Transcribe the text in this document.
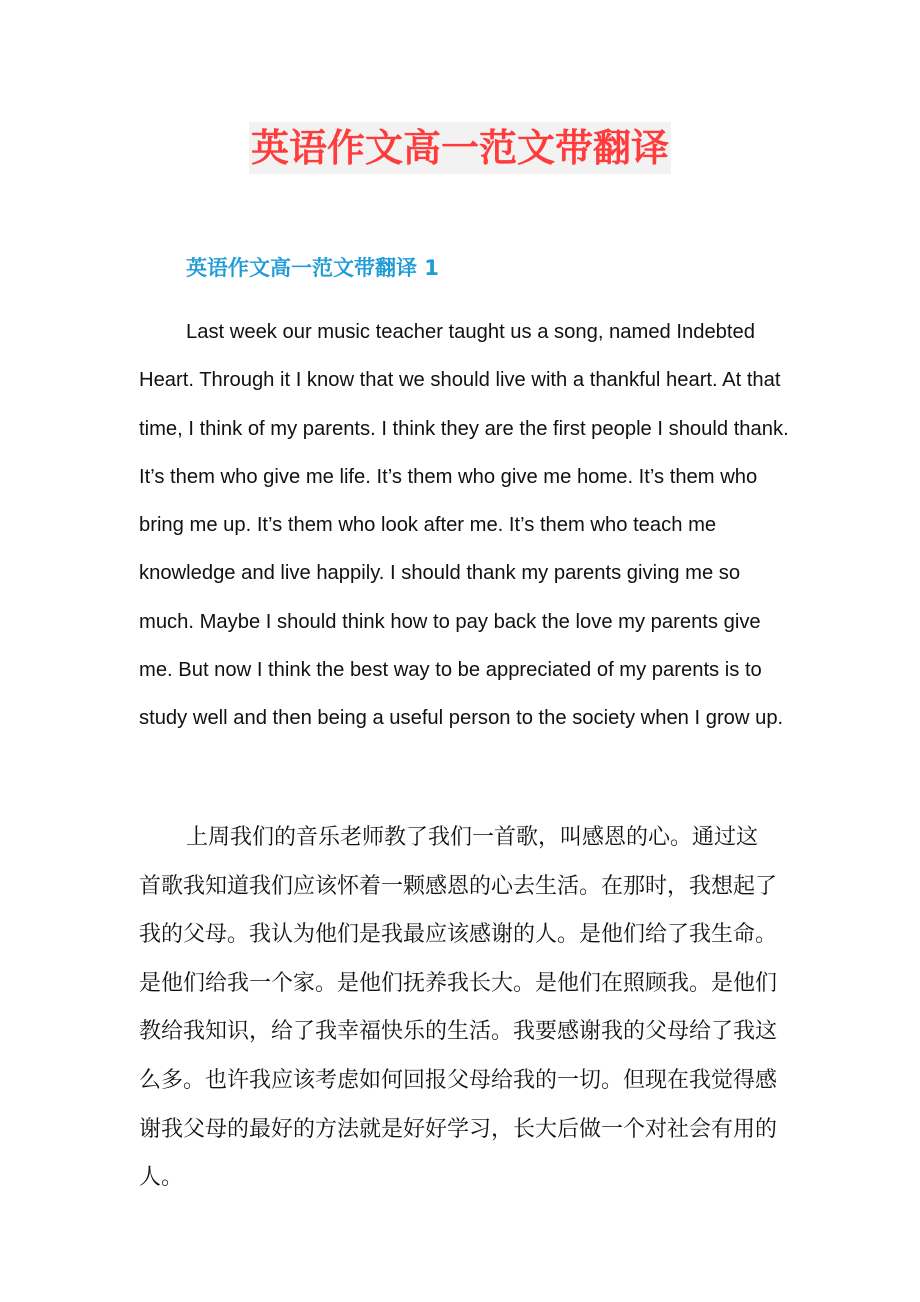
英语作文高一范文带翻译
英语作文高一范文带翻译 1

Last week our music teacher taught us a song, named Indebted Heart. Through it I know that we should live with a thankful heart. At that time, I think of my parents. I think they are the first people I should thank. It’s them who give me life. It’s them who give me home. It’s them who bring me up. It’s them who look after me. It’s them who teach me knowledge and live happily. I should thank my parents giving me so much. Maybe I should think how to pay back the love my parents give me. But now I think the best way to be appreciated of my parents is to study well and then being a useful person to the society when I grow up.

上周我们的音乐老师教了我们一首歌，叫感恩的心。通过这首歌我知道我们应该怀着一颗感恩的心去生活。在那时，我想起了我的父母。我认为他们是我最应该感谢的人。是他们给了我生命。是他们给我一个家。是他们抚养我长大。是他们在照顾我。是他们教给我知识，给了我幸福快乐的生活。我要感谢我的父母给了我这么多。也许我应该考虑如何回报父母给我的一切。但现在我觉得感谢我父母的最好的方法就是好好学习，长大后做一个对社会有用的人。
